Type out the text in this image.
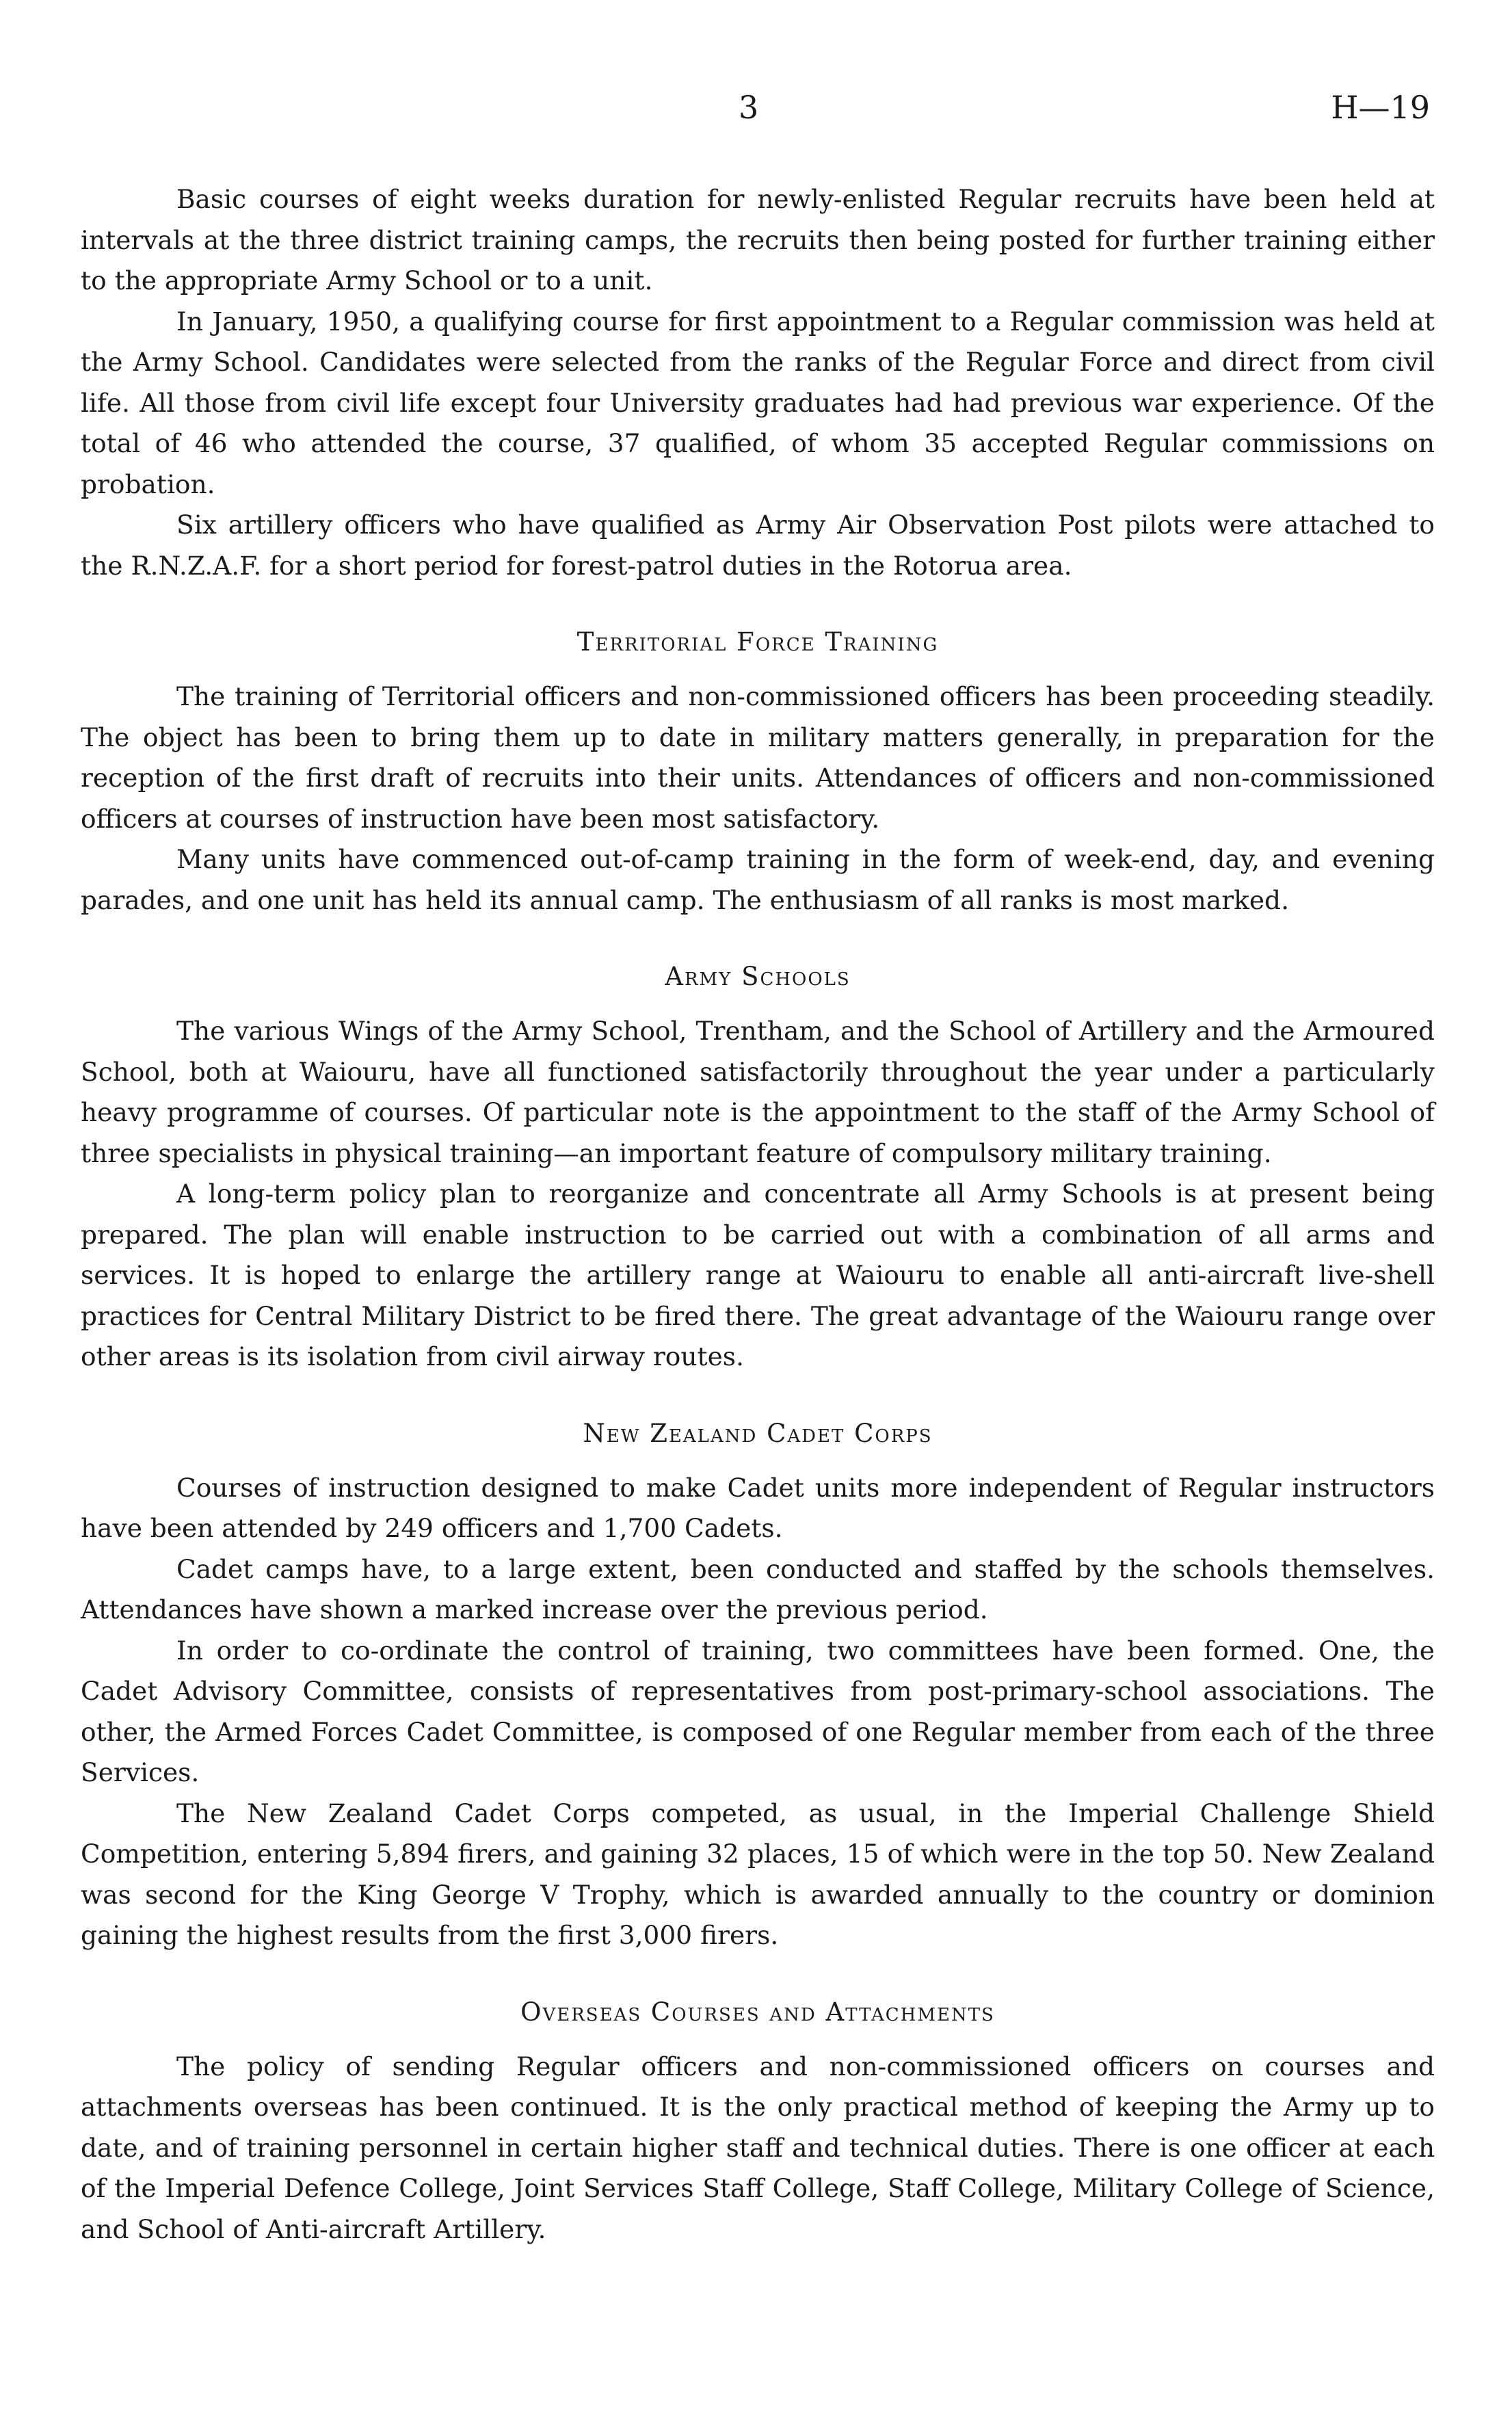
3	H—19

Basic courses of eight weeks duration for newly-enlisted Regular recruits have been held at intervals at the three district training camps, the recruits then being posted for further training either to the appropriate Army School or to a unit.

In January, 1950, a qualifying course for first appointment to a Regular commission was held at the Army School. Candidates were selected from the ranks of the Regular Force and direct from civil life. All those from civil life except four University graduates had had previous war experience. Of the total of 46 who attended the course, 37 qualified, of whom 35 accepted Regular commissions on probation.

Six artillery officers who have qualified as Army Air Observation Post pilots were attached to the R.N.Z.A.F. for a short period for forest-patrol duties in the Rotorua area.

Territorial Force Training

The training of Territorial officers and non-commissioned officers has been proceeding steadily. The object has been to bring them up to date in military matters generally, in preparation for the reception of the first draft of recruits into their units. Attendances of officers and non-commissioned officers at courses of instruction have been most satisfactory.

Many units have commenced out-of-camp training in the form of week-end, day, and evening parades, and one unit has held its annual camp. The enthusiasm of all ranks is most marked.

Army Schools

The various Wings of the Army School, Trentham, and the School of Artillery and the Armoured School, both at Waiouru, have all functioned satisfactorily throughout the year under a particularly heavy programme of courses. Of particular note is the appointment to the staff of the Army School of three specialists in physical training—an important feature of compulsory military training.

A long-term policy plan to reorganize and concentrate all Army Schools is at present being prepared. The plan will enable instruction to be carried out with a combination of all arms and services. It is hoped to enlarge the artillery range at Waiouru to enable all anti-aircraft live-shell practices for Central Military District to be fired there. The great advantage of the Waiouru range over other areas is its isolation from civil airway routes.

New Zealand Cadet Corps

Courses of instruction designed to make Cadet units more independent of Regular instructors have been attended by 249 officers and 1,700 Cadets.

Cadet camps have, to a large extent, been conducted and staffed by the schools themselves. Attendances have shown a marked increase over the previous period.

In order to co-ordinate the control of training, two committees have been formed. One, the Cadet Advisory Committee, consists of representatives from post-primary-school associations. The other, the Armed Forces Cadet Committee, is composed of one Regular member from each of the three Services.

The New Zealand Cadet Corps competed, as usual, in the Imperial Challenge Shield Competition, entering 5,894 firers, and gaining 32 places, 15 of which were in the top 50. New Zealand was second for the King George V Trophy, which is awarded annually to the country or dominion gaining the highest results from the first 3,000 firers.

Overseas Courses and Attachments

The policy of sending Regular officers and non-commissioned officers on courses and attachments overseas has been continued. It is the only practical method of keeping the Army up to date, and of training personnel in certain higher staff and technical duties. There is one officer at each of the Imperial Defence College, Joint Services Staff College, Staff College, Military College of Science, and School of Anti-aircraft Artillery.
